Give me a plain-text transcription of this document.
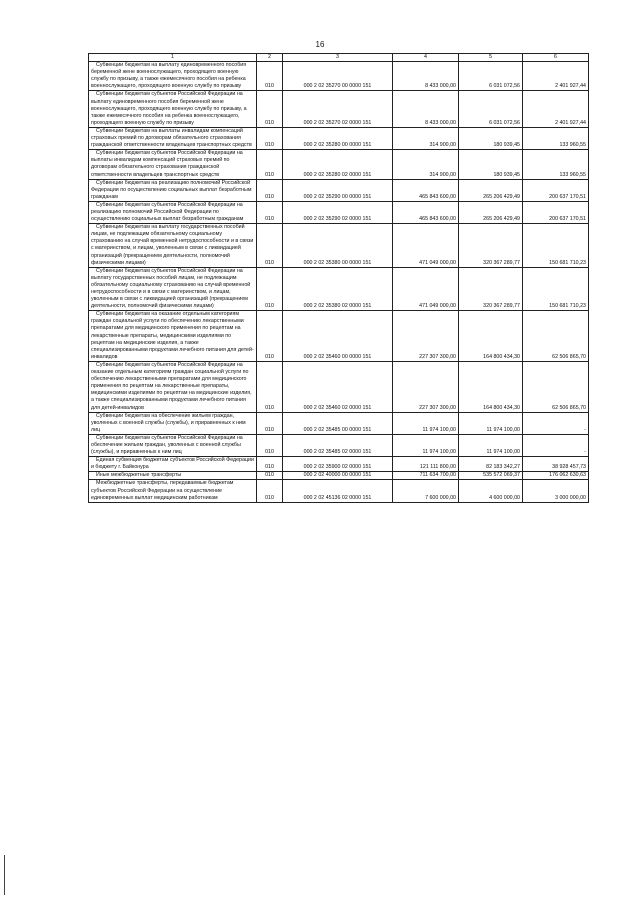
16
1	2	3	4	5	6

Субвенции бюджетам на выплату единовременного пособия беременной жене военнослужащего, проходящего военную службу по призыву, а также ежемесячного пособия на ребенка военнослужащего, проходящего военную службу по призыву	010	000 2 02 35270 00 0000 151	8 433 000,00	6 031 072,56	2 401 927,44

Субвенции бюджетам субъектов Российской Федерации на выплату единовременного пособия беременной жене военнослужащего, проходящего военную службу по призыву, а также ежемесячного пособия на ребенка военнослужащего, проходящего военную службу по призыву	010	000 2 02 35270 02 0000 151	8 433 000,00	6 031 072,56	2 401 927,44

Субвенции бюджетам на выплаты инвалидам компенсаций страховых премий по договорам обязательного страхования гражданской ответственности владельцев транспортных средств	010	000 2 02 35280 00 0000 151	314 900,00	180 939,45	133 960,55

Субвенции бюджетам субъектов Российской Федерации на выплаты инвалидам компенсаций страховых премий по договорам обязательного страхования гражданской ответственности владельцев транспортных средств	010	000 2 02 35280 02 0000 151	314 900,00	180 939,45	133 960,55

Субвенции бюджетам на реализацию полномочий Российской Федерации по осуществлению социальных выплат безработным гражданам	010	000 2 02 35290 00 0000 151	465 843 600,00	265 206 429,49	200 637 170,51

Субвенции бюджетам субъектов Российской Федерации на реализацию полномочий Российской Федерации по осуществлению социальных выплат безработным гражданам	010	000 2 02 35290 02 0000 151	465 843 600,00	265 206 429,49	200 637 170,51

Субвенции бюджетам на выплату государственных пособий лицам, не подлежащим обязательному социальному страхованию на случай временной нетрудоспособности и в связи с материнством, и лицам, уволенным в связи с ликвидацией организаций (прекращением деятельности, полномочий физическими лицами)	010	000 2 02 35380 00 0000 151	471 049 000,00	320 367 289,77	150 681 710,23

Субвенции бюджетам субъектов Российской Федерации на выплату государственных пособий лицам, не подлежащим обязательному социальному страхованию на случай временной нетрудоспособности и в связи с материнством, и лицам, уволенным в связи с ликвидацией организаций (прекращением деятельности, полномочий физическими лицами)	010	000 2 02 35380 02 0000 151	471 049 000,00	320 367 289,77	150 681 710,23

Субвенции бюджетам на оказание отдельным категориям граждан социальной услуги по обеспечению лекарственными препаратами для медицинского применения по рецептам на лекарственные препараты, медицинскими изделиями по рецептам на медицинские изделия, а также специализированными продуктами лечебного питания для детей-инвалидов	010	000 2 02 35460 00 0000 151	227 307 300,00	164 800 434,30	62 506 865,70

Субвенции бюджетам субъектов Российской Федерации на оказание отдельным категориям граждан социальной услуги по обеспечению лекарственными препаратами для медицинского применения по рецептам на лекарственные препараты, медицинскими изделиями по рецептам на медицинские изделия, а также специализированными продуктами лечебного питания для детей-инвалидов	010	000 2 02 35460 02 0000 151	227 307 300,00	164 800 434,30	62 506 865,70

Субвенции бюджетам на обеспечение жильем граждан, уволенных с военной службы (службы), и приравненных к ним лиц	010	000 2 02 35485 00 0000 151	11 974 100,00	11 974 100,00	-

Субвенции бюджетам субъектов Российской Федерации на обеспечение жильем граждан, уволенных с военной службы (службы), и приравненных к ним лиц	010	000 2 02 35485 02 0000 151	11 974 100,00	11 974 100,00	-

Единая субвенция бюджетам субъектов Российской Федерации и бюджету г. Байконура	010	000 2 02 35900 02 0000 151	121 111 800,00	82 183 342,27	38 928 457,73

Иные межбюджетные трансферты	010	000 2 02 40000 00 0000 151	711 634 700,00	535 572 069,37	176 062 630,63

Межбюджетные трансферты, передаваемые бюджетам субъектов Российской Федерации на осуществление единовременных выплат медицинским работникам	010	000 2 02 45136 02 0000 151	7 600 000,00	4 600 000,00	3 000 000,00
